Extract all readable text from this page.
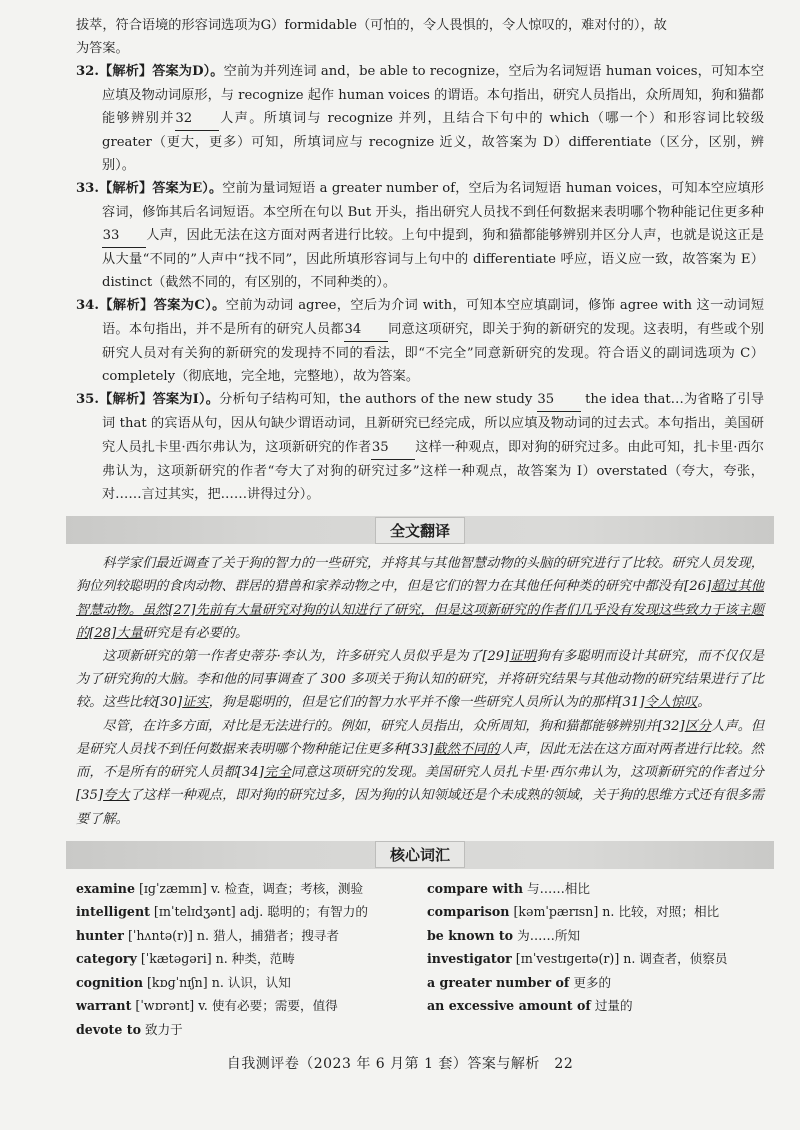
拔萃，符合语境的形容词选项为G）formidable（可怕的，令人畏惧的，令人惊叹的，难对付的），故

为答案。

32.【解析】答案为D）。空前为并列连词 and，be able to recognize，空后为名词短语 human voices，可知本空应填及物动词原形，与 recognize 起作 human voices 的谓语。本句指出，研究人员指出，众所周知，狗和猫都能够辨别并32 人声。所填词与 recognize 并列，且结合下句中的 which（哪一个）和形容词比较级 greater（更大，更多）可知，所填词应与 recognize 近义，故答案为 D）differentiate（区分，区别，辨别）。

33.【解析】答案为E）。空前为量词短语 a greater number of，空后为名词短语 human voices，可知本空应填形容词，修饰其后名词短语。本空所在句以 But 开头，指出研究人员找不到任何数据来表明哪个物种能记住更多种33 人声，因此无法在这方面对两者进行比较。上句中提到，狗和猫都能够辨别并区分人声，也就是说这正是从大量“不同的”人声中“找不同”，因此所填形容词与上句中的 differentiate 呼应，语义应一致，故答案为 E）distinct（截然不同的，有区别的，不同种类的）。

34.【解析】答案为C）。空前为动词 agree，空后为介词 with，可知本空应填副词，修饰 agree with 这一动词短语。本句指出，并不是所有的研究人员都34 同意这项研究，即关于狗的新研究的发现。这表明，有些或个别研究人员对有关狗的新研究的发现持不同的看法，即“不完全”同意新研究的发现。符合语义的副词选项为 C）completely（彻底地，完全地，完整地），故为答案。

35.【解析】答案为I）。分析句子结构可知，the authors of the new study 35 the idea that…为省略了引导词 that 的宾语从句，因从句缺少谓语动词，且新研究已经完成，所以应填及物动词的过去式。本句指出，美国研究人员扎卡里·西尔弗认为，这项新研究的作者35 这样一种观点，即对狗的研究过多。由此可知，扎卡里·西尔弗认为，这项新研究的作者“夸大了对狗的研究过多”这样一种观点，故答案为 I）overstated（夸大，夸张，对……言过其实，把……讲得过分）。

全文翻译

科学家们最近调查了关于狗的智力的一些研究，并将其与其他智慧动物的头脑的研究进行了比较。研究人员发现，狗位列较聪明的食肉动物、群居的猎兽和家养动物之中，但是它们的智力在其他任何种类的研究中都没有[26]超过其他智慧动物。虽然[27]先前有大量研究对狗的认知进行了研究，但是这项新研究的作者们几乎没有发现这些致力于该主题的[28]大量研究是有必要的。

这项新研究的第一作者史蒂芬·李认为，许多研究人员似乎是为了[29]证明狗有多聪明而设计其研究，而不仅仅是为了研究狗的大脑。李和他的同事调查了 300 多项关于狗认知的研究，并将研究结果与其他动物的研究结果进行了比较。这些比较[30]证实，狗是聪明的，但是它们的智力水平并不像一些研究人员所认为的那样[31]令人惊叹。

尽管，在许多方面，对比是无法进行的。例如，研究人员指出，众所周知，狗和猫都能够辨别并[32]区分人声。但是研究人员找不到任何数据来表明哪个物种能记住更多种[33]截然不同的人声，因此无法在这方面对两者进行比较。然而，不是所有的研究人员都[34]完全同意这项研究的发现。美国研究人员扎卡里·西尔弗认为，这项新研究的作者过分[35]夸大了这样一种观点，即对狗的研究过多，因为狗的认知领域还是个未成熟的领域，关于狗的思维方式还有很多需要了解。

核心词汇
examine [ɪɡˈzæmɪn] v. 检查，调查；考核，测验
intelligent [ɪnˈtelɪdʒənt] adj. 聪明的；有智力的
hunter [ˈhʌntə(r)] n. 猎人，捕猎者；搜寻者
category [ˈkætəɡəri] n. 种类，范畴
cognition [kɒɡˈnɪʃn] n. 认识，认知
warrant [ˈwɒrənt] v. 使有必要；需要，值得
devote to 致力于
compare with 与……相比
comparison [kəmˈpærɪsn] n. 比较，对照；相比
be known to 为……所知
investigator [ɪnˈvestɪɡeɪtə(r)] n. 调查者，侦察员
a greater number of 更多的
an excessive amount of 过量的
自我测评卷（2023 年 6 月第 1 套）答案与解析　22
